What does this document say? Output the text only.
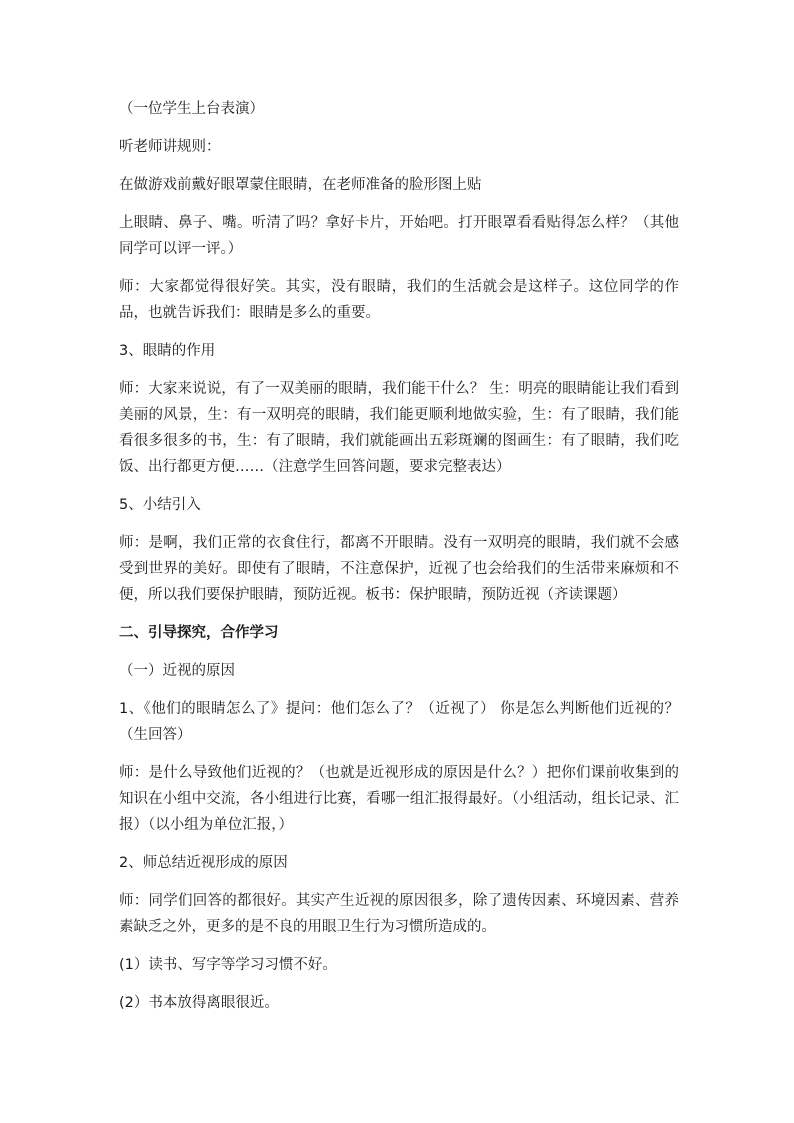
（一位学生上台表演）

听老师讲规则：

在做游戏前戴好眼罩蒙住眼睛，在老师准备的脸形图上贴

上眼睛、鼻子、嘴。听清了吗？拿好卡片，开始吧。打开眼罩看看贴得怎么样？（其他同学可以评一评。）

师：大家都觉得很好笑。其实，没有眼睛，我们的生活就会是这样子。这位同学的作品，也就告诉我们：眼睛是多么的重要。

3、眼睛的作用

师：大家来说说，有了一双美丽的眼睛，我们能干什么？ 生：明亮的眼睛能让我们看到美丽的风景，生：有一双明亮的眼睛，我们能更顺利地做实验，生：有了眼睛，我们能看很多很多的书，生：有了眼睛，我们就能画出五彩斑斓的图画生：有了眼睛，我们吃饭、出行都更方便……（注意学生回答问题，要求完整表达）

5、小结引入

师：是啊，我们正常的衣食住行，都离不开眼睛。没有一双明亮的眼睛，我们就不会感受到世界的美好。即使有了眼睛，不注意保护，近视了也会给我们的生活带来麻烦和不便，所以我们要保护眼睛，预防近视。板书：保护眼睛，预防近视（齐读课题）

二、引导探究，合作学习

（一）近视的原因

1、《他们的眼睛怎么了》提问：他们怎么了？（近视了） 你是怎么判断他们近视的？（生回答）

师：是什么导致他们近视的？（也就是近视形成的原因是什么？）把你们课前收集到的知识在小组中交流，各小组进行比赛，看哪一组汇报得最好。（小组活动，组长记录、汇报）（以小组为单位汇报，）

2、师总结近视形成的原因

师：同学们回答的都很好。其实产生近视的原因很多，除了遗传因素、环境因素、营养素缺乏之外，更多的是不良的用眼卫生行为习惯所造成的。

(1）读书、写字等学习习惯不好。

(2）书本放得离眼很近。
